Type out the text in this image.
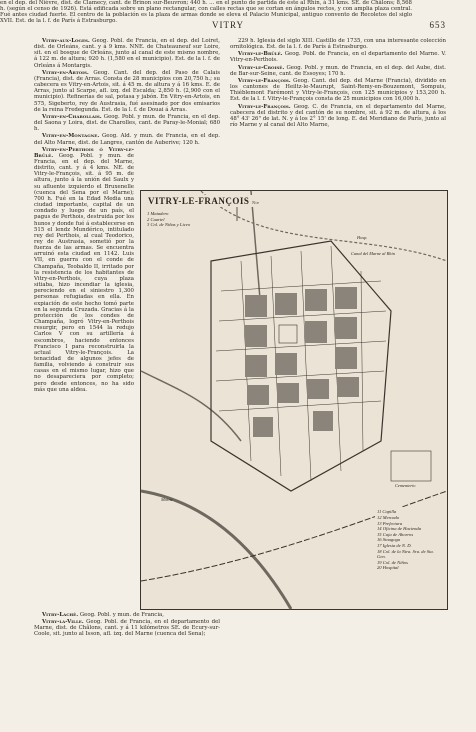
VITRY	653

Vitry-aux-Loges. Geog. Pobl. de Francia, en el dep. del Loiret, dist. de Orleáns, cant. y á 9 kms. NNE. de Chateauneuf sur Loire, sit. en el bosque de Orleáns, junto al canal de este mismo nombre, á 122 m. de altura; 920 h. (1,580 en el municipio). Est. de la l. f. de Orleáns á Montargis.

Vitry-en-Artois. Geog. Cant. del dep. del Paso de Calais (Francia), dist. de Arras. Consta de 28 municipios con 20,750 h.; su cabecera es Vitry-en-Artois, sit. á 45 m. de altura y á 16 kms. E. de Arras, junto al Scarpe, afl. izq. del Escalda; 2,850 h. (2,900 con el municipio). Refinerías de sal, potasa y jabón. En Vitry-en-Artois, en 575, Sigeberto, rey de Austrasia, fué asesinado por dos emisarios de la reina Fredegunda. Est. de la l. f. de Douai á Arras.

Vitry-en-Charollais. Geog. Pobl. y mun. de Francia, en el dep. del Saona y Loira, dist. de Charolles, cant. de Paray-le-Monial; 680 h.

Vitry-en-Montagne. Geog. Ald. y mun. de Francia, en el dep. del Alto Marne, dist. de Langres, cantón de Auberive; 120 h.

Vitry-en-Perthois ó Vitry-le-Brûlé. Geog. Pobl. y mun. de Francia, en el dep. del Marne, distrito, cant. y á 4 kms. NE. de Vitry-le-François, sit. á 95 m. de altura, junto á la unión del Saulx y su afluente izquierdo el Bruxenelle (cuenca del Sena por el Marne); 700 h. Fué en la Edad Media una ciudad importante, capital de un condado y luego de un país, el pagus de Perthois, destruida por los hunos y donde fué á establecerse en 515 el lendz Mundérico, intitulado rey del Perthois, al cual Teodorico, rey de Austrasia, sometió por la fuerza de las armas. Se encuentra arruinó esta ciudad en 1142. Luis VII, en guerra con el conde de Champaña, Teobaldo II, irritado por la resistencia de los habitantes de Vitry-en-Perthois, cuya plaza sitiaba, hizo incendiar la iglesia, pereciendo en el siniestro 1,300 personas refugiadas en ella. En expiación de este hecho tomó parte en la segunda Cruzada. Gracias á la protección de los condes de Champaña, logró Vitry-en-Perthois resurgir, pero en 1544 la redujo Carlos V con su artillería á escombros, haciendo entonces Francisco I para reconstruirla la actual Vitry-le-François. La tenacidad de algunos jefes de familia, volviendo á construir sus casas en el mismo lugar, hizo que no desapareciera por completo; pero desde entonces, no ha sido más que una aldea.

229 h. Iglesia del siglo XIII. Castillo de 1735, con una interesante colección ornitológica. Est. de la l. f. de París á Estrasburgo.

Vitry-le-Brûlé. Geog. Pobl. de Francia, en el departamento del Marne. V. Vitry-en-Perthois.

Vitry-le-Croisé. Geog. Pobl. y mun. de Francia, en el dep. del Aube, dist. de Bar-sur-Seine, cant. de Essoyes; 170 h.

Vitry-le-François. Geog. Cant. del dep. del Marne (Francia), dividido en los cantones de Heiltz-le-Maurupt, Saint-Remy-en-Bouzemont, Sompuis, Thiéblemont Farémont y Vitry-le-François, con 125 municipios y 153,200 h. Est. de la l. f. Vitry-le-François consta de 25 municipios con 16,000 h.

Vitry-le-François. Geog. C. de Francia, en el departamento del Marne, cabecera del distrito y del cantón de su nombre, sit. á 92 m. de altura, á los 48° 43' 26" de lat. N. y á los 2° 15' de long. E. del Meridiano de París, junto al río Marne y al canal del Alto Marne,

VITRY-LE-FRANÇOIS Nte
1 Matadero
2 Cuartel
3 Col. de Niñas y Liceo
11 Capilla
12 Mercado
13 Prefectura
14 Oficina de Hacienda
15 Caja de Ahorros
16 Sinagoga
17 Iglesia de N. D.
18 Col. de la Ntra. Sra. de Sta. Gen.
19 Col. de Niños
20 Hospital
Cementerio
Hosp.
Marne
Canal del Marne al Rhin

Vitry-Laché. Geog. Pobl. y mun. de Francia,

Vitry-la-Ville. Geog. Pobl. de Francia, en el departamento del Marne, dist. de Châlons, cant. y á 11 kilómetros SE. de Ecury-sur-Coole, sit. junto al Isson, afl. izq. del Marne (cuenca del Sena);

en el dep. del Nièvre, dist. de Clamecy, cant. de Brinon sur-Beuvron; 440 h. ... en el punto de partida de éste al Rhin, á 31 kms. SE. de Châlons; 8,568 h. (según el censo de 1926). Está edificada sobre un plano rectangular, con calles rectas que se cortan en ángulos rectos, y con amplia plaza central. Fué antes ciudad fuerte. El centro de la población es la plaza de armas donde se eleva el Palacio Municipal, antiguo convento de Recoletos del siglo XVII. Est. de la l. f. de París á Estrasburgo.
